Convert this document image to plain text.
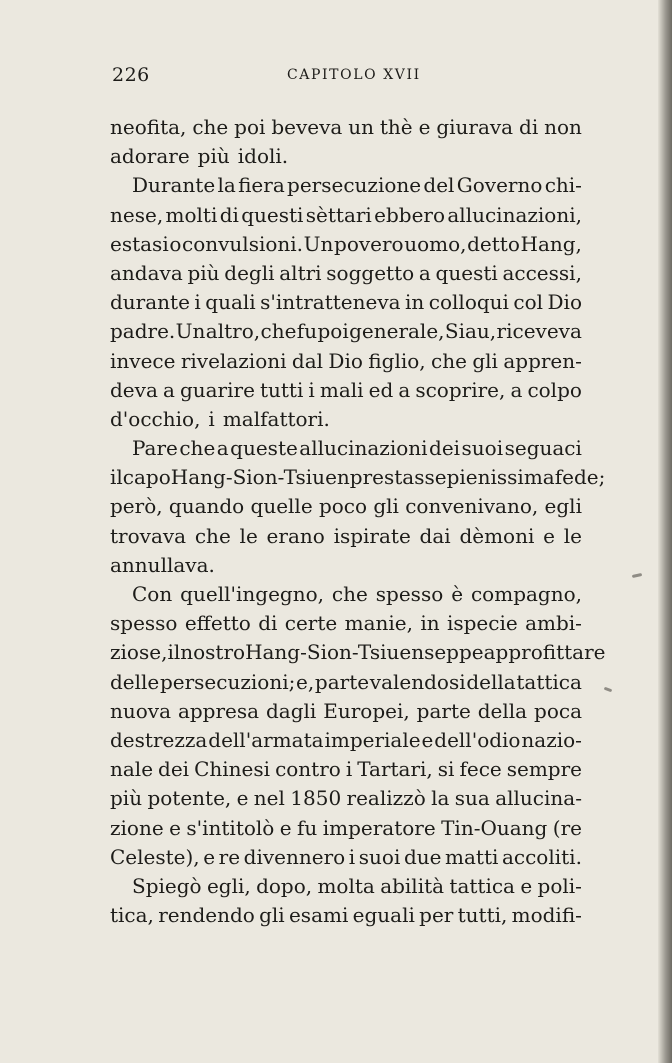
226	CAPITOLO XVII
neofita, che poi beveva un thè e giurava di non
adorare più idoli.
Durante la fiera persecuzione del Governo chi-
nese, molti di questi sèttari ebbero allucinazioni,
estasi o convulsioni. Un povero uomo, detto Hang,
andava più degli altri soggetto a questi accessi,
durante i quali s'intratteneva in colloqui col Dio
padre. Un altro, che fu poi generale, Siau, riceveva
invece rivelazioni dal Dio figlio, che gli appren-
deva a guarire tutti i mali ed a scoprire, a colpo
d'occhio, i malfattori.
Pare che a queste allucinazioni dei suoi seguaci
il capo Hang-Sion-Tsiuen prestasse pienissima fede;
però, quando quelle poco gli convenivano, egli
trovava che le erano ispirate dai dèmoni e le
annullava.
Con quell'ingegno, che spesso è compagno,
spesso effetto di certe manie, in ispecie ambi-
ziose, il nostro Hang-Sion-Tsiuen seppe approfittare
delle persecuzioni; e, parte valendosi della tattica
nuova appresa dagli Europei, parte della poca
destrezza dell'armata imperiale e dell'odio nazio-
nale dei Chinesi contro i Tartari, si fece sempre
più potente, e nel 1850 realizzò la sua allucina-
zione e s'intitolò e fu imperatore Tin-Ouang (re
Celeste), e re divennero i suoi due matti accoliti.
Spiegò egli, dopo, molta abilità tattica e poli-
tica, rendendo gli esami eguali per tutti, modifi-
